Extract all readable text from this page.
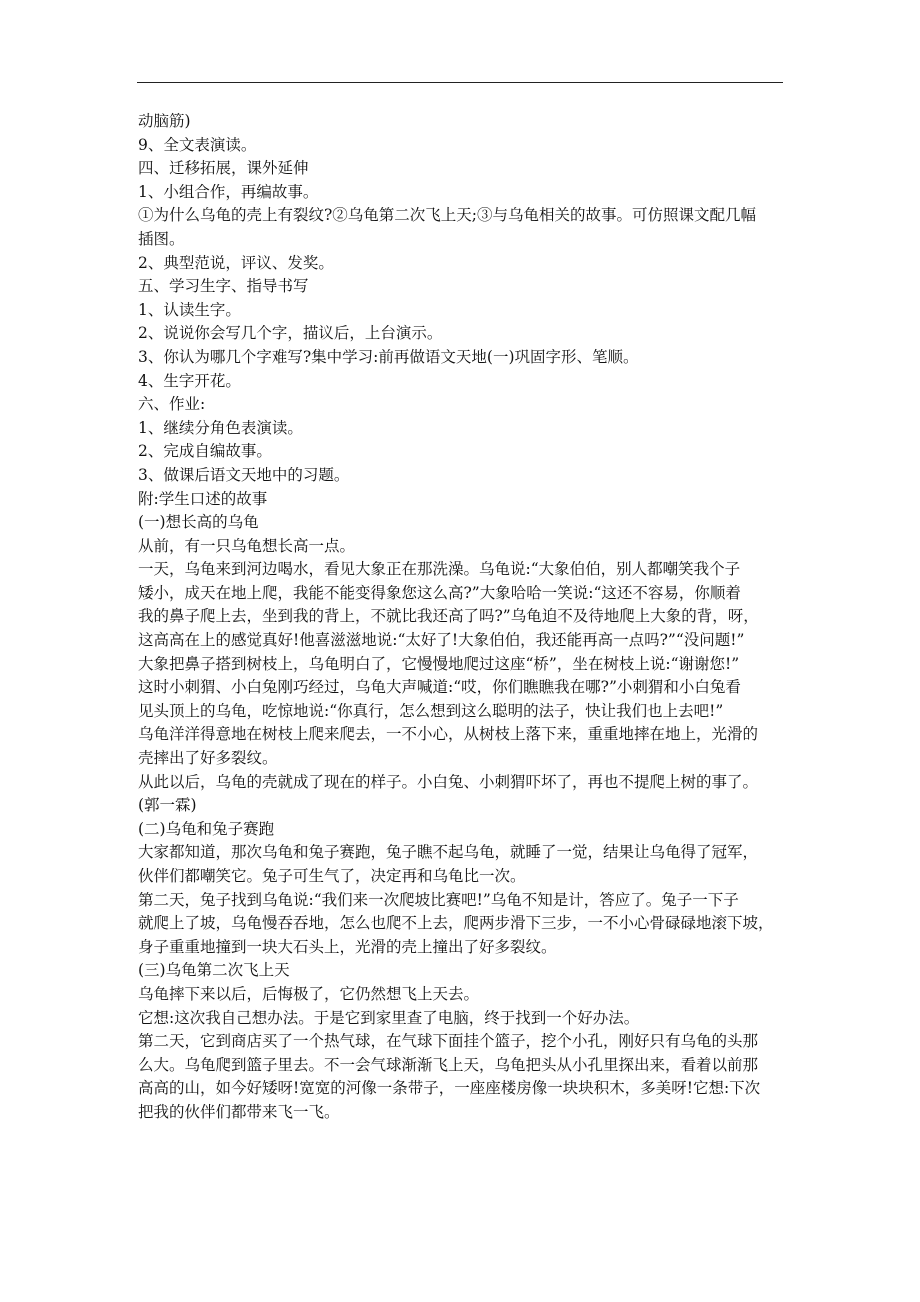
动脑筋)
9、全文表演读。
四、迁移拓展，课外延伸
1、小组合作，再编故事。
①为什么乌龟的壳上有裂纹?②乌龟第二次飞上天;③与乌龟相关的故事。可仿照课文配几幅
插图。
2、典型范说，评议、发奖。
五、学习生字、指导书写
1、认读生字。
2、说说你会写几个字，描议后，上台演示。
3、你认为哪几个字难写?集中学习:前再做语文天地(一)巩固字形、笔顺。
4、生字开花。
六、作业:
1、继续分角色表演读。
2、完成自编故事。
3、做课后语文天地中的习题。
附:学生口述的故事
(一)想长高的乌龟
从前，有一只乌龟想长高一点。
一天，乌龟来到河边喝水，看见大象正在那洗澡。乌龟说:“大象伯伯，别人都嘲笑我个子
矮小，成天在地上爬，我能不能变得象您这么高?”大象哈哈一笑说:“这还不容易，你顺着
我的鼻子爬上去，坐到我的背上，不就比我还高了吗?”乌龟迫不及待地爬上大象的背，呀，
这高高在上的感觉真好!他喜滋滋地说:“太好了!大象伯伯，我还能再高一点吗?”“没问题!”
大象把鼻子搭到树枝上，乌龟明白了，它慢慢地爬过这座“桥”，坐在树枝上说:“谢谢您!”
这时小刺猬、小白兔刚巧经过，乌龟大声喊道:“哎，你们瞧瞧我在哪?”小刺猬和小白兔看
见头顶上的乌龟，吃惊地说:“你真行，怎么想到这么聪明的法子，快让我们也上去吧!”
乌龟洋洋得意地在树枝上爬来爬去，一不小心，从树枝上落下来，重重地摔在地上，光滑的
壳摔出了好多裂纹。
从此以后，乌龟的壳就成了现在的样子。小白兔、小刺猬吓坏了，再也不提爬上树的事了。
(郭一霖)
(二)乌龟和兔子赛跑
大家都知道，那次乌龟和兔子赛跑，兔子瞧不起乌龟，就睡了一觉，结果让乌龟得了冠军，
伙伴们都嘲笑它。兔子可生气了，决定再和乌龟比一次。
第二天，兔子找到乌龟说:“我们来一次爬坡比赛吧!”乌龟不知是计，答应了。兔子一下子
就爬上了坡，乌龟慢吞吞地，怎么也爬不上去，爬两步滑下三步，一不小心骨碌碌地滚下坡，
身子重重地撞到一块大石头上，光滑的壳上撞出了好多裂纹。
(三)乌龟第二次飞上天
乌龟摔下来以后，后悔极了，它仍然想飞上天去。
它想:这次我自己想办法。于是它到家里查了电脑，终于找到一个好办法。
第二天，它到商店买了一个热气球，在气球下面挂个篮子，挖个小孔，刚好只有乌龟的头那
么大。乌龟爬到篮子里去。不一会气球渐渐飞上天，乌龟把头从小孔里探出来，看着以前那
高高的山，如今好矮呀!宽宽的河像一条带子，一座座楼房像一块块积木，多美呀!它想:下次
把我的伙伴们都带来飞一飞。
